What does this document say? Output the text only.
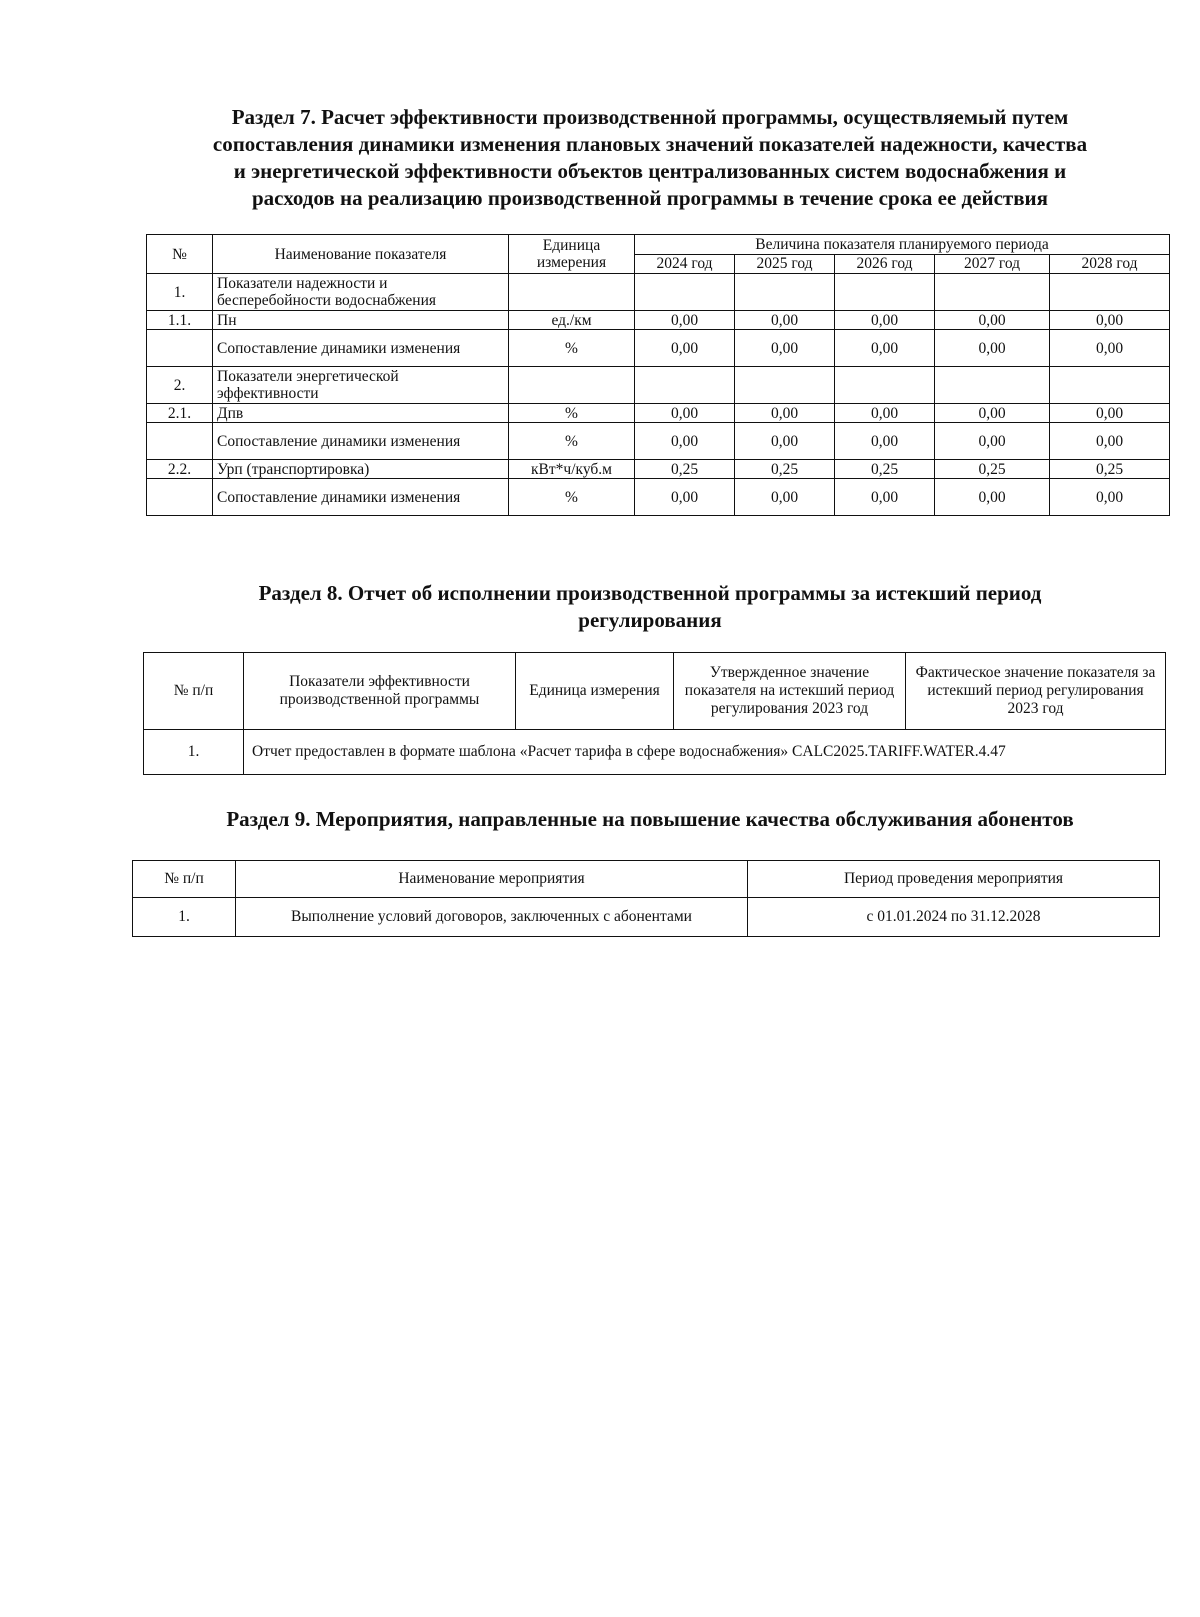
Раздел 7. Расчет эффективности производственной программы, осуществляемый путем
сопоставления динамики изменения плановых значений показателей надежности, качества
и энергетической эффективности объектов централизованных систем водоснабжения и
расходов на реализацию производственной программы в течение срока ее действия
№	Наименование показателя	Единица измерения	Величина показателя планируемого периода				
			2024 год	2025 год	2026 год	2027 год	2028 год
1.	Показатели надежности и бесперебойности водоснабжения						
1.1.	Пн	ед./км	0,00	0,00	0,00	0,00	0,00
	Сопоставление динамики изменения	%	0,00	0,00	0,00	0,00	0,00
2.	Показатели энергетической эффективности						
2.1.	Дпв	%	0,00	0,00	0,00	0,00	0,00
	Сопоставление динамики изменения	%	0,00	0,00	0,00	0,00	0,00
2.2.	Урп (транспортировка)	кВт*ч/куб.м	0,25	0,25	0,25	0,25	0,25
	Сопоставление динамики изменения	%	0,00	0,00	0,00	0,00	0,00
Раздел 8. Отчет об исполнении производственной программы за истекший период
регулирования
№ п/п	Показатели эффективности производственной программы	Единица измерения	Утвержденное значение показателя на истекший период регулирования 2023 год	Фактическое значение показателя за истекший период регулирования 2023 год
1.	Отчет предоставлен в формате шаблона «Расчет тарифа в сфере водоснабжения» CALC2025.TARIFF.WATER.4.47			
Раздел 9. Мероприятия, направленные на повышение качества обслуживания абонентов
№ п/п	Наименование мероприятия	Период проведения мероприятия
1.	Выполнение условий договоров, заключенных с абонентами	с 01.01.2024 по 31.12.2028
